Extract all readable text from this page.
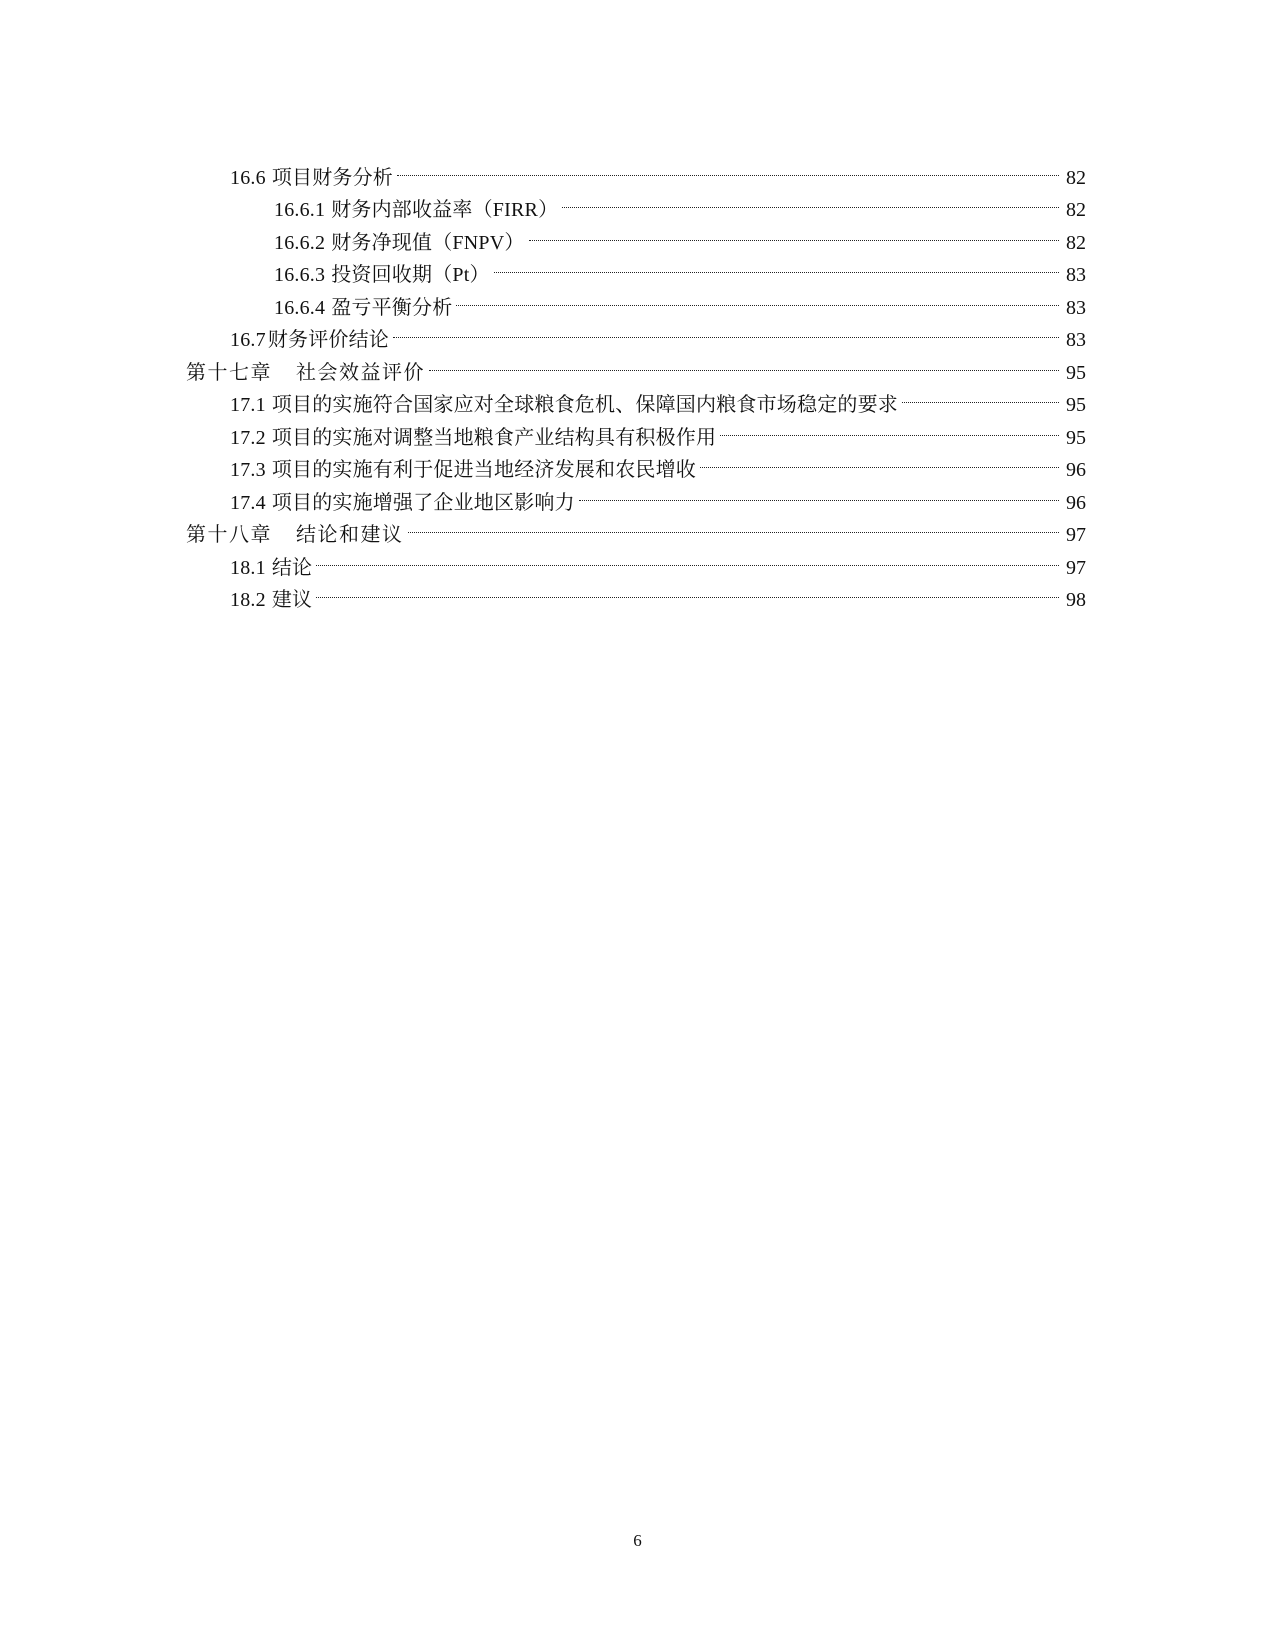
16.6 项目财务分析	82
16.6.1 财务内部收益率（FIRR）	82
16.6.2 财务净现值（FNPV）	82
16.6.3 投资回收期（Pt）	83
16.6.4 盈亏平衡分析	83
16.7 财务评价结论	83
第十七章 社会效益评价	95
17.1 项目的实施符合国家应对全球粮食危机、保障国内粮食市场稳定的要求	95
17.2 项目的实施对调整当地粮食产业结构具有积极作用	95
17.3 项目的实施有利于促进当地经济发展和农民增收	96
17.4 项目的实施增强了企业地区影响力	96
第十八章 结论和建议	97
18.1 结论	97
18.2 建议	98
6
